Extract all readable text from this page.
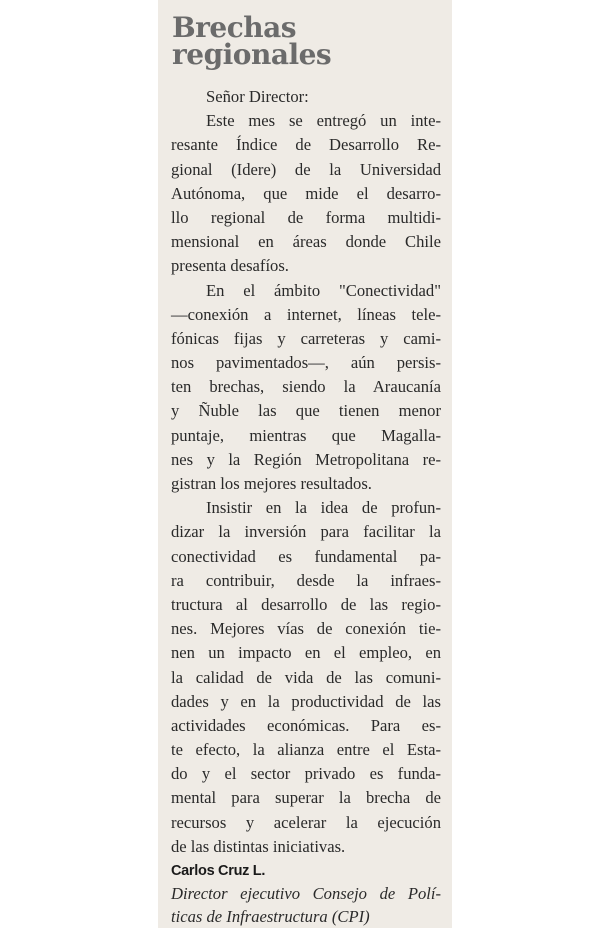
Brechas
regionales
Señor Director:
Este mes se entregó un inte-
resante Índice de Desarrollo Re-
gional (Idere) de la Universidad
Autónoma, que mide el desarro-
llo regional de forma multidi-
mensional en áreas donde Chile
presenta desafíos.
En el ámbito "Conectividad"
—conexión a internet, líneas tele-
fónicas fijas y carreteras y cami-
nos pavimentados—, aún persis-
ten brechas, siendo la Araucanía
y Ñuble las que tienen menor
puntaje, mientras que Magalla-
nes y la Región Metropolitana re-
gistran los mejores resultados.
Insistir en la idea de profun-
dizar la inversión para facilitar la
conectividad es fundamental pa-
ra contribuir, desde la infraes-
tructura al desarrollo de las regio-
nes. Mejores vías de conexión tie-
nen un impacto en el empleo, en
la calidad de vida de las comuni-
dades y en la productividad de las
actividades económicas. Para es-
te efecto, la alianza entre el Esta-
do y el sector privado es funda-
mental para superar la brecha de
recursos y acelerar la ejecución
de las distintas iniciativas.
Carlos Cruz L.
Director ejecutivo Consejo de Polí-
ticas de Infraestructura (CPI)
